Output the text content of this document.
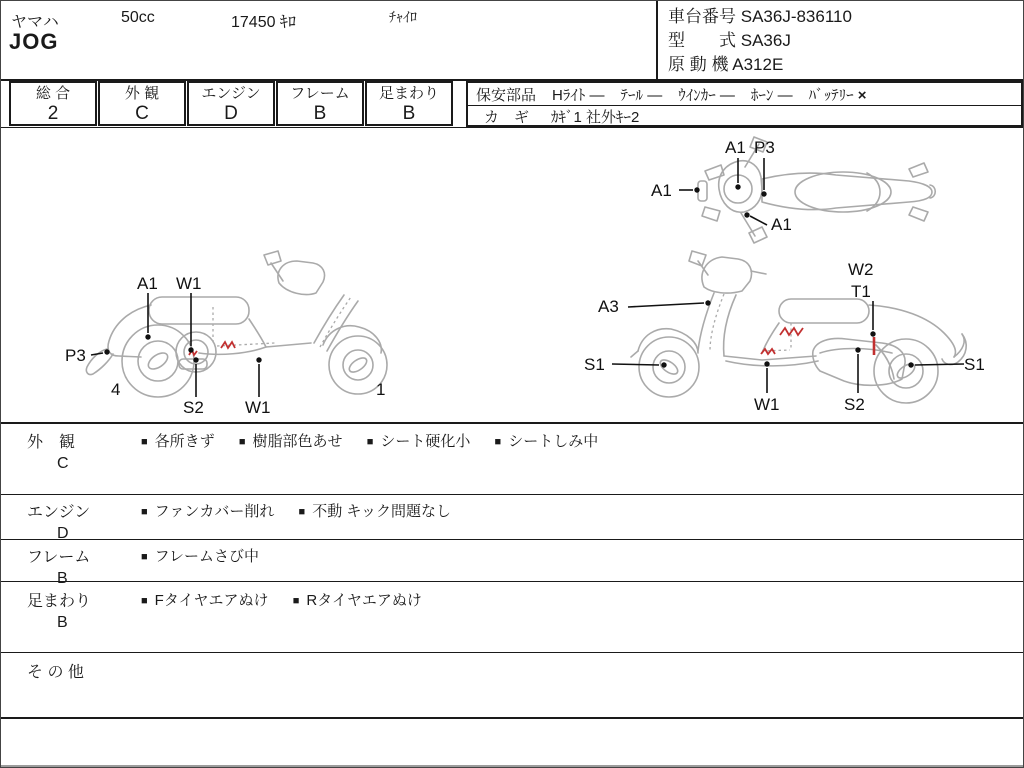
ヤマハ	50cc	17450 ｷﾛ	ﾁｬｲﾛ
JOG
車台番号 SA36J-836110
型　　式 SA36J
原 動 機 A312E
総 合
2
外 観
C
エンジン
D
フレーム
B
足まわり
B
保安部品 Hﾗｲﾄ — ﾃｰﾙ — ｳｲﾝｶｰ — ﾎｰﾝ — ﾊﾞｯﾃﾘｰ ×
カ　ギ ｶｷﾞ1 社外ｷｰ2
A1 P3
A1
A1
A1 W1
P3
4
S2 W1
1
A3
W2
T1
S1	S1
W1	S2
外　観
C
■ 各所きず ■ 樹脂部色あせ ■ シート硬化小 ■ シートしみ中
エンジン
D
■ ファンカバー削れ ■ 不動 キック問題なし
フレーム
B
■ フレームさび中
足まわり
B
■ Fタイヤエアぬけ ■ Rタイヤエアぬけ
そ の 他
